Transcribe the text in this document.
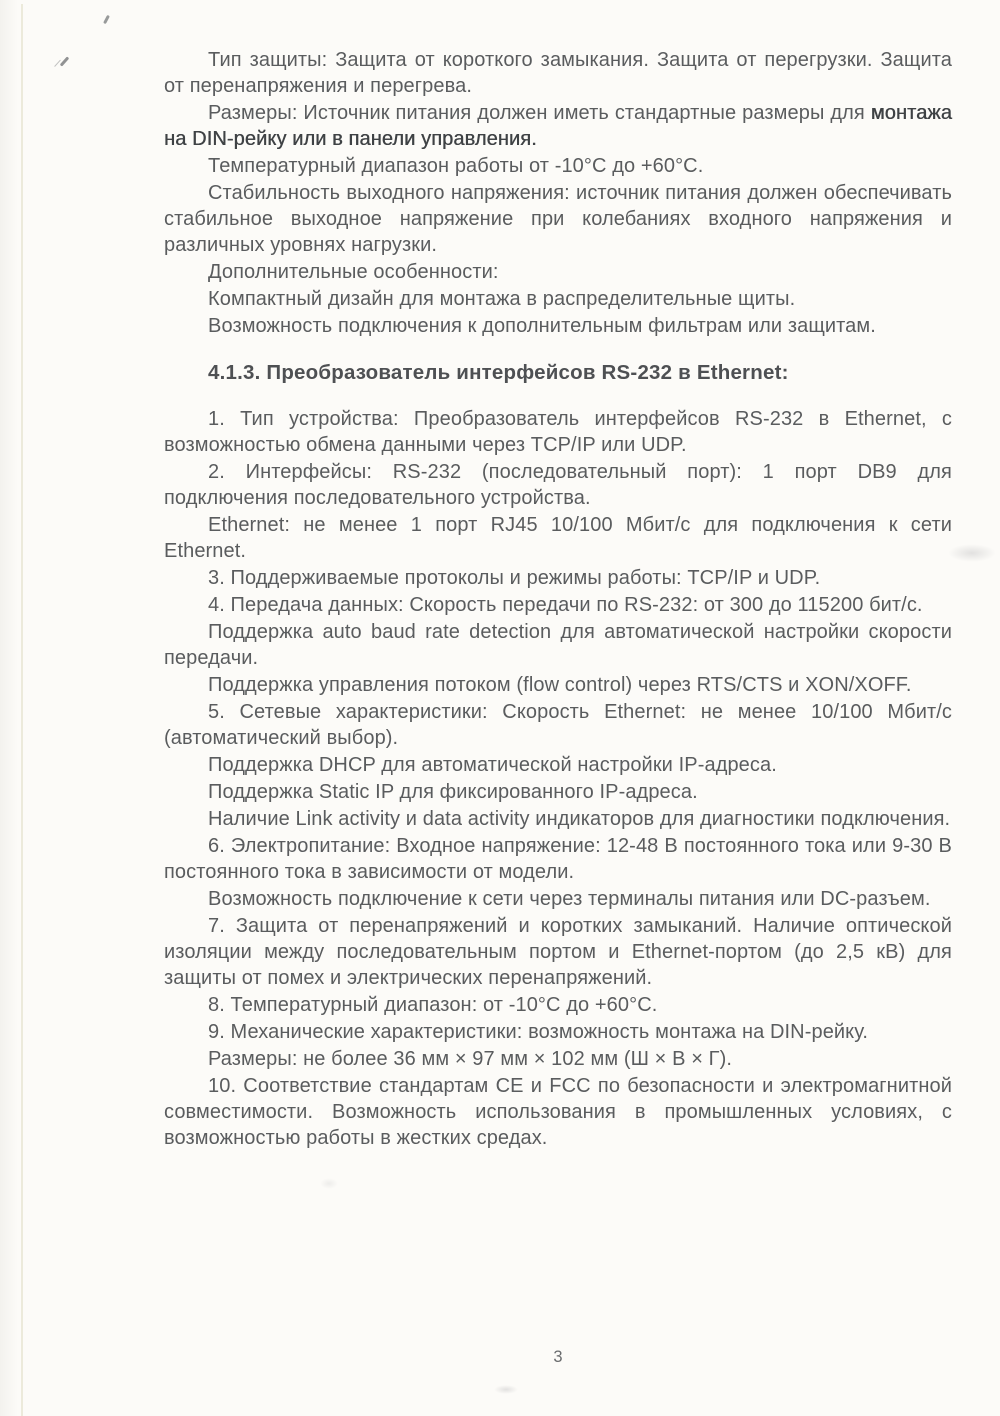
Тип защиты: Защита от короткого замыкания. Защита от перегрузки. Защита от перенапряжения и перегрева.

Размеры: Источник питания должен иметь стандартные размеры для монтажа на DIN-рейку или в панели управления.

Температурный диапазон работы от -10°С до +60°С.

Стабильность выходного напряжения: источник питания должен обеспечивать стабильное выходное напряжение при колебаниях входного напряжения и различных уровнях нагрузки.

Дополнительные особенности:

Компактный дизайн для монтажа в распределительные щиты.

Возможность подключения к дополнительным фильтрам или защитам.

4.1.3. Преобразователь интерфейсов RS-232 в Ethernet:

1. Тип устройства: Преобразователь интерфейсов RS-232 в Ethernet, с возможностью обмена данными через TCP/IP или UDP.

2. Интерфейсы: RS-232 (последовательный порт): 1 порт DB9 для подключения последовательного устройства.

Ethernet: не менее 1 порт RJ45 10/100 Мбит/с для подключения к сети Ethernet.

3. Поддерживаемые протоколы и режимы работы: TCP/IP и UDP.

4. Передача данных: Скорость передачи по RS-232: от 300 до 115200 бит/с.

Поддержка auto baud rate detection для автоматической настройки скорости передачи.

Поддержка управления потоком (flow control) через RTS/CTS и XON/XOFF.

5. Сетевые характеристики: Скорость Ethernet: не менее 10/100 Мбит/с (автоматический выбор).

Поддержка DHCP для автоматической настройки IP-адреса.

Поддержка Static IP для фиксированного IP-адреса.

Наличие Link activity и data activity индикаторов для диагностики подключения.

6. Электропитание: Входное напряжение: 12-48 В постоянного тока или 9-30 В постоянного тока в зависимости от модели.

Возможность подключение к сети через терминалы питания или DC-разъем.

7. Защита от перенапряжений и коротких замыканий. Наличие оптической изоляции между последовательным портом и Ethernet-портом (до 2,5 кВ) для защиты от помех и электрических перенапряжений.

8. Температурный диапазон: от -10°С до +60°С.

9. Механические характеристики: возможность монтажа на DIN-рейку.

Размеры: не более 36 мм × 97 мм × 102 мм (Ш × В × Г).

10. Соответствие стандартам CE и FCC по безопасности и электромагнитной совместимости. Возможность использования в промышленных условиях, с возможностью работы в жестких средах.

3
